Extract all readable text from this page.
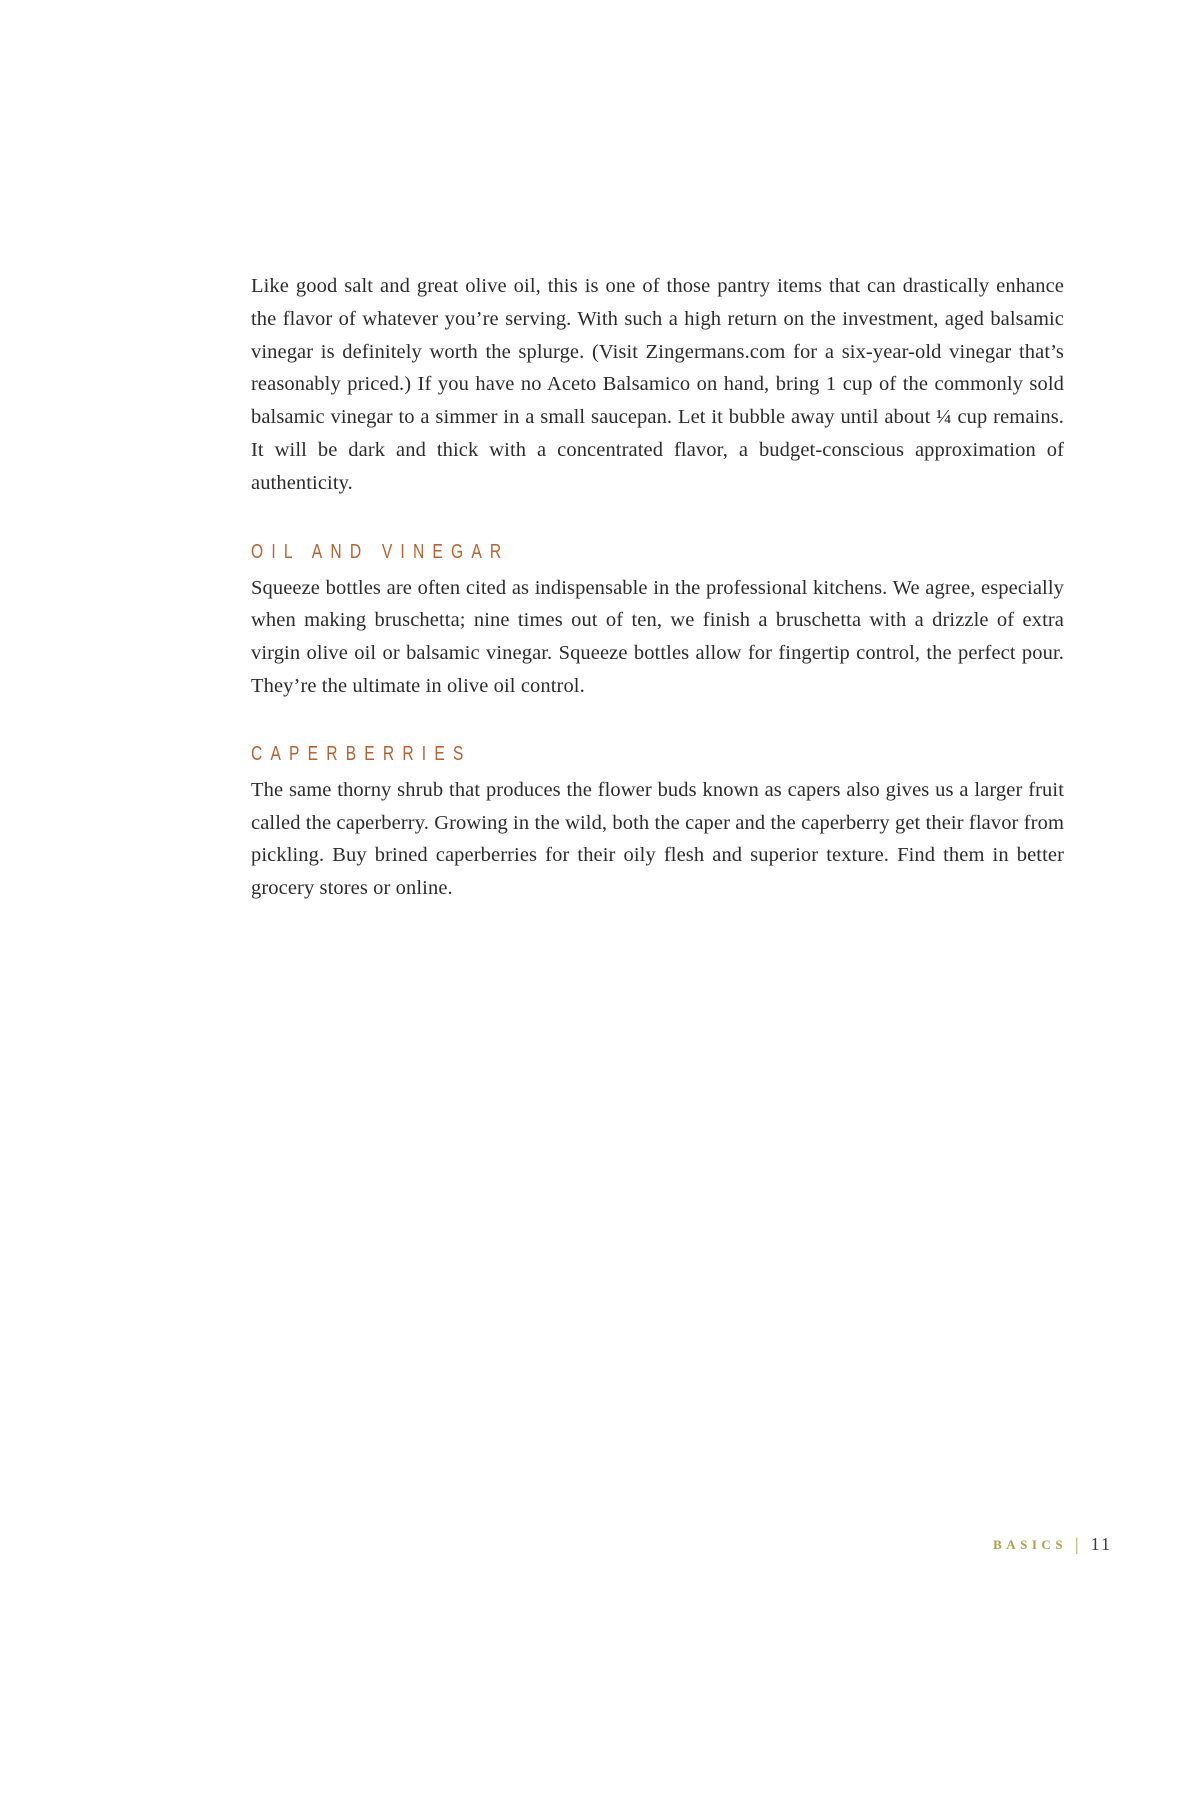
Like good salt and great olive oil, this is one of those pantry items that can drastically enhance the flavor of whatever you’re serving. With such a high return on the investment, aged balsamic vinegar is definitely worth the splurge. (Visit Zingermans.com for a six-year-old vinegar that’s reasonably priced.) If you have no Aceto Balsamico on hand, bring 1 cup of the commonly sold balsamic vinegar to a simmer in a small saucepan. Let it bubble away until about ¼ cup remains. It will be dark and thick with a concentrated flavor, a budget-conscious approximation of authenticity.

OIL AND VINEGAR

Squeeze bottles are often cited as indispensable in the professional kitchens. We agree, especially when making bruschetta; nine times out of ten, we finish a bruschetta with a drizzle of extra virgin olive oil or balsamic vinegar. Squeeze bottles allow for fingertip control, the perfect pour. They’re the ultimate in olive oil control.

CAPERBERRIES

The same thorny shrub that produces the flower buds known as capers also gives us a larger fruit called the caperberry. Growing in the wild, both the caper and the caperberry get their flavor from pickling. Buy brined caperberries for their oily flesh and superior texture. Find them in better grocery stores or online.

BASICS | 11
